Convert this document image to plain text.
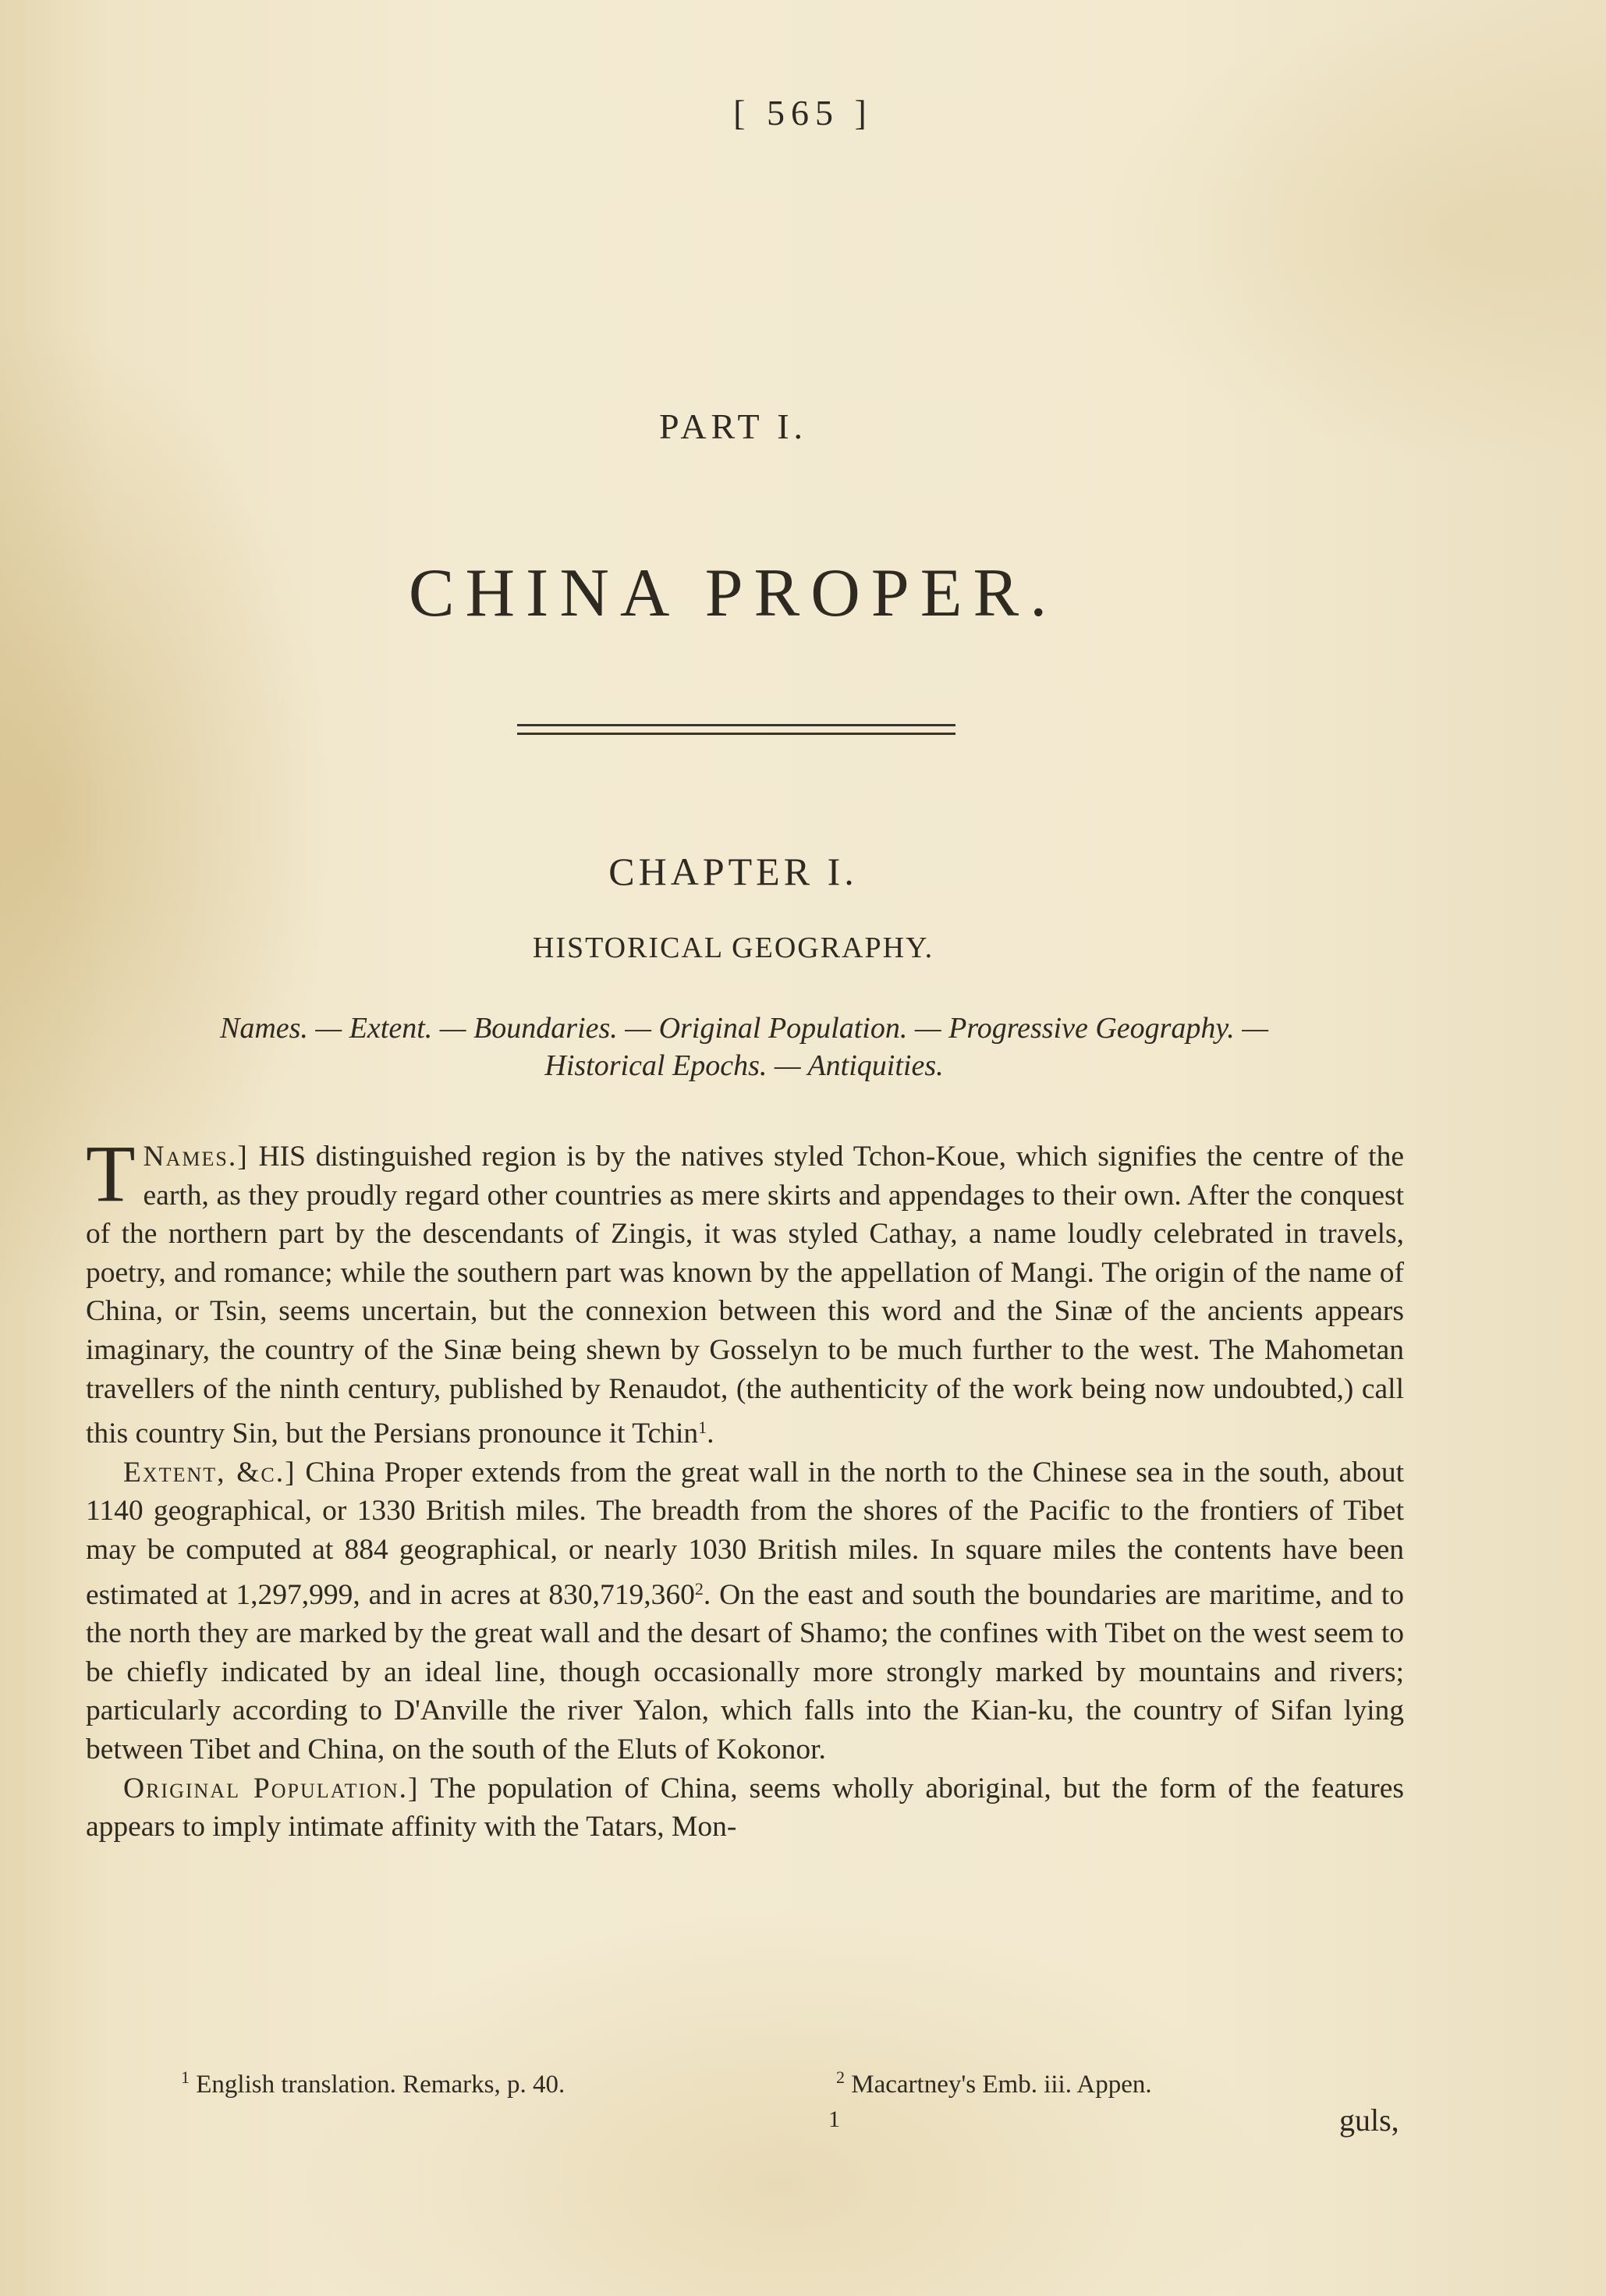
[ 565 ]
PART I.
CHINA PROPER.
CHAPTER I.
HISTORICAL GEOGRAPHY.
Names. — Extent. — Boundaries. — Original Population. — Progressive Geography. —
Historical Epochs. — Antiquities.

Names.]
T	HIS distinguished region is by the natives styled Tchon-Koue, which signifies the centre of the earth, as they proudly regard other countries as mere skirts and appendages to their own. After the conquest of the northern part by the descendants of Zingis, it was styled Cathay, a name loudly celebrated in travels, poetry, and romance; while the southern part was known by the appellation of Mangi. The origin of the name of China, or Tsin, seems uncertain, but the connexion between this word and the Sinæ of the ancients appears imaginary, the country of the Sinæ being shewn by Gosselyn to be much further to the west. The Mahometan travellers of the ninth century, published by Renaudot, (the authenticity of the work being now undoubted,) call this country Sin, but the Persians pronounce it Tchin$^1$.

Extent, &c.] China Proper extends from the great wall in the north to the Chinese sea in the south, about 1140 geographical, or 1330 British miles. The breadth from the shores of the Pacific to the frontiers of Tibet may be computed at 884 geographical, or nearly 1030 British miles. In square miles the contents have been estimated at 1,297,999, and in acres at 830,719,360$^2$. On the east and south the boundaries are maritime, and to the north they are marked by the great wall and the desart of Shamo; the confines with Tibet on the west seem to be chiefly indicated by an ideal line, though occasionally more strongly marked by mountains and rivers; particularly according to D'Anville the river Yalon, which falls into the Kian-ku, the country of Sifan lying between Tibet and China, on the south of the Eluts of Kokonor.

Original Population.] The population of China, seems wholly aboriginal, but the form of the features appears to imply intimate affinity with the Tatars, Mon-

$^1$ English translation. Remarks, p. 40.	$^2$ Macartney's Emb. iii. Appen.
1	guls,
